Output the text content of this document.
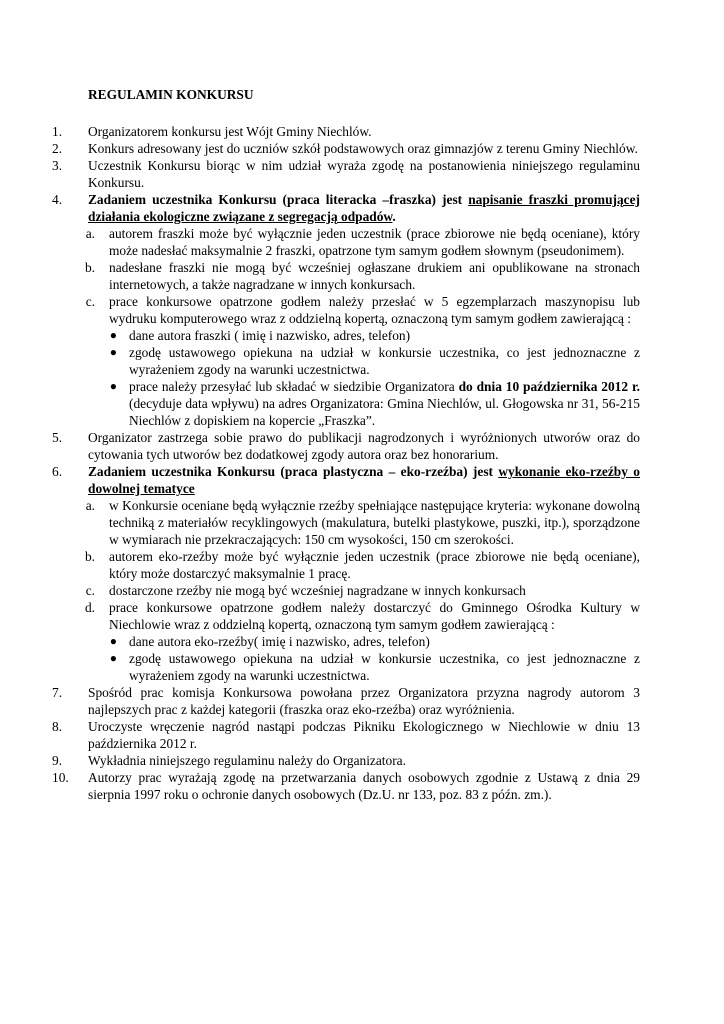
REGULAMIN KONKURSU
1.	Organizatorem konkursu jest Wójt Gminy Niechlów.
2.	Konkurs adresowany jest do uczniów szkół podstawowych oraz gimnazjów z terenu Gminy Niechlów.
3.	Uczestnik Konkursu biorąc w nim udział wyraża zgodę na postanowienia niniejszego regulaminu Konkursu.
4.	Zadaniem uczestnika Konkursu (praca literacka –fraszka) jest napisanie fraszki promującej działania ekologiczne związane z segregacją odpadów.
a.	autorem fraszki może być wyłącznie jeden uczestnik (prace zbiorowe nie będą oceniane), który może nadesłać maksymalnie 2 fraszki, opatrzone tym samym godłem słownym (pseudonimem).
b.	nadesłane fraszki nie mogą być wcześniej ogłaszane drukiem ani opublikowane na stronach internetowych, a także nagradzane w innych konkursach.
c.	prace konkursowe opatrzone godłem należy przesłać w 5 egzemplarzach maszynopisu lub wydruku komputerowego wraz z oddzielną kopertą, oznaczoną tym samym godłem zawierającą :
● dane autora fraszki ( imię i nazwisko, adres, telefon)
● zgodę ustawowego opiekuna na udział w konkursie uczestnika, co jest jednoznaczne z wyrażeniem zgody na warunki uczestnictwa.
● prace należy przesyłać lub składać w siedzibie Organizatora do dnia 10 października 2012 r. (decyduje data wpływu) na adres Organizatora: Gmina Niechlów, ul. Głogowska nr 31, 56-215 Niechlów z dopiskiem na kopercie „Fraszka”.
5.	Organizator zastrzega sobie prawo do publikacji nagrodzonych i wyróżnionych utworów oraz do cytowania tych utworów bez dodatkowej zgody autora oraz bez honorarium.
6.	Zadaniem uczestnika Konkursu (praca plastyczna – eko-rzeźba) jest wykonanie eko-rzeźby o dowolnej tematyce
a.	w Konkursie oceniane będą wyłącznie rzeźby spełniające następujące kryteria: wykonane dowolną techniką z materiałów recyklingowych (makulatura, butelki plastykowe, puszki, itp.), sporządzone w wymiarach nie przekraczających: 150 cm wysokości, 150 cm szerokości.
b.	autorem eko-rzeźby może być wyłącznie jeden uczestnik (prace zbiorowe nie będą oceniane), który może dostarczyć maksymalnie 1 pracę.
c.	dostarczone rzeźby nie mogą być wcześniej nagradzane w innych konkursach
d.	prace konkursowe opatrzone godłem należy dostarczyć do Gminnego Ośrodka Kultury w Niechlowie wraz z oddzielną kopertą, oznaczoną tym samym godłem zawierającą :
● dane autora eko-rzeźby( imię i nazwisko, adres, telefon)
● zgodę ustawowego opiekuna na udział w konkursie uczestnika, co jest jednoznaczne z wyrażeniem zgody na warunki uczestnictwa.
7.	Spośród prac komisja Konkursowa powołana przez Organizatora przyzna nagrody autorom 3 najlepszych prac z każdej kategorii (fraszka oraz eko-rzeźba) oraz wyróżnienia.
8.	Uroczyste wręczenie nagród nastąpi podczas Pikniku Ekologicznego w Niechlowie w dniu 13 października 2012 r.
9.	Wykładnia niniejszego regulaminu należy do Organizatora.
10.	Autorzy prac wyrażają zgodę na przetwarzania danych osobowych zgodnie z Ustawą z dnia 29 sierpnia 1997 roku o ochronie danych osobowych (Dz.U. nr 133, poz. 83 z późn. zm.).
